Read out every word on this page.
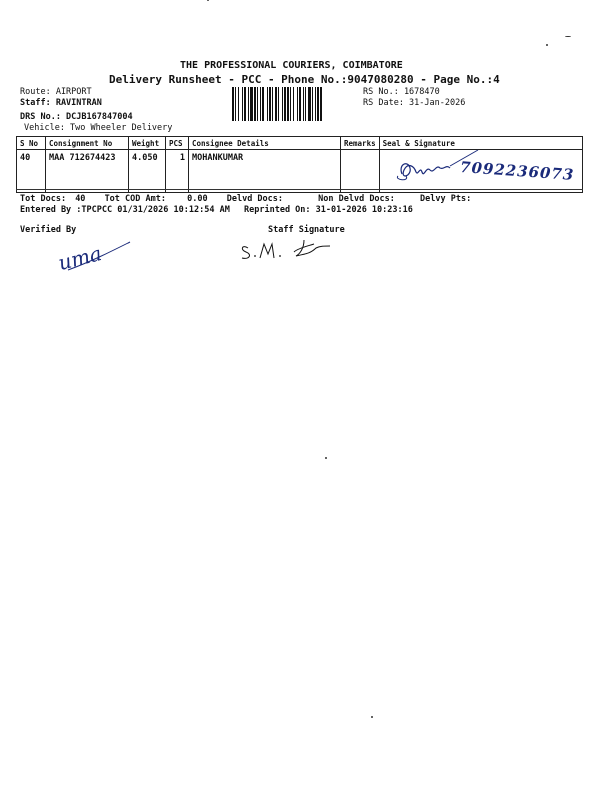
THE PROFESSIONAL COURIERS, COIMBATORE
Delivery Runsheet - PCC - Phone No.:9047080280 - Page No.:4
Route: AIRPORT
Staff: RAVINTRAN
DRS No.: DCJB167847004
Vehicle: Two Wheeler Delivery
RS No.: 1678470
RS Date: 31-Jan-2026
S No	Consignment No	Weight	PCS	Consignee Details	Remarks	Seal & Signature
40	MAA 712674423	4.050	1	MOHANKUMAR		7092236073
Tot Docs: 40 Tot COD Amt: 0.00 Delvd Docs:	Non Delvd Docs:	Delvy Pts:
Entered By :TPCPCC 01/31/2026 10:12:54 AM Reprinted On: 31-01-2026 10:23:16
Verified By	Staff Signature
uma
